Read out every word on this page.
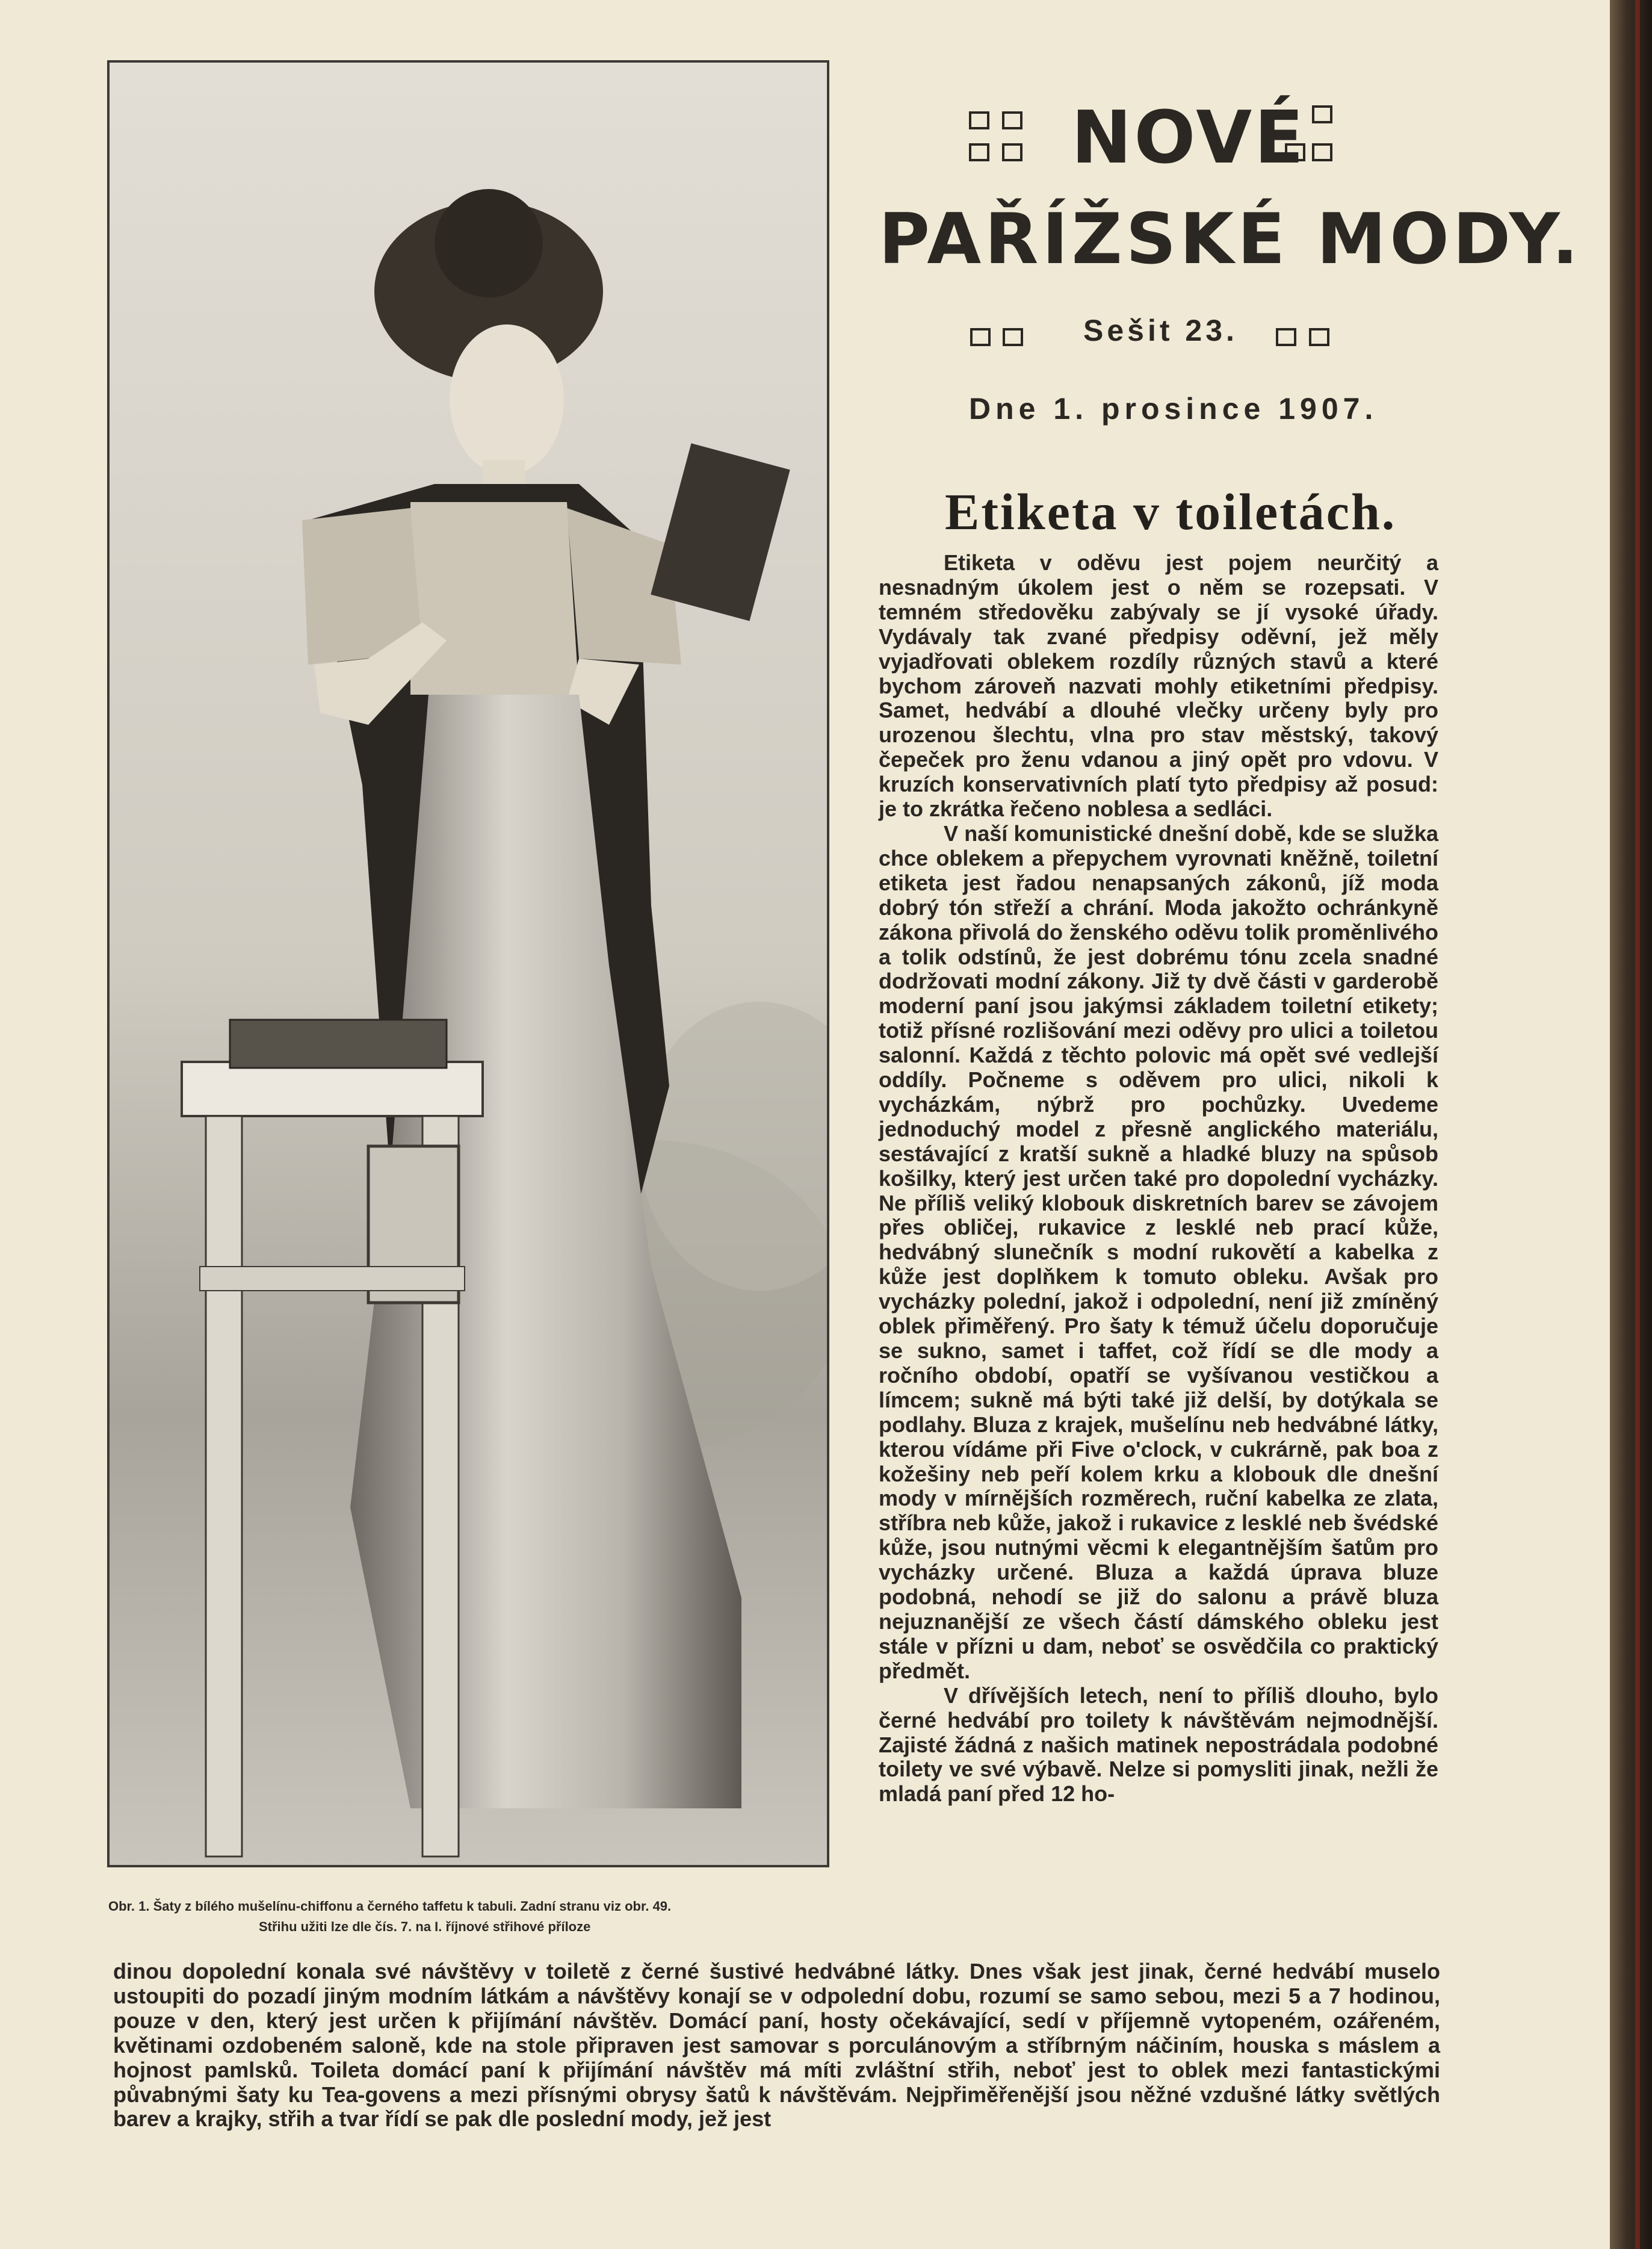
Obr. 1. Šaty z bílého mušelínu-chiffonu a černého taffetu k tabuli. Zadní stranu viz obr. 49.
Střihu užiti lze dle čís. 7. na I. říjnové střihové příloze
NOVÉ
PAŘÍŽSKÉ MODY.
Sešit 23.
Dne 1. prosince 1907.
Etiketa v toiletách.

Etiketa v oděvu jest pojem neurčitý a nesnadným úkolem jest o něm se rozepsati. V temném středověku zabývaly se jí vysoké úřady. Vydávaly tak zvané předpisy oděvní, jež měly vyjadřovati oblekem rozdíly různých stavů a které bychom zároveň nazvati mohly etiketními předpisy. Samet, hedvábí a dlouhé vlečky určeny byly pro urozenou šlechtu, vlna pro stav městský, takový čepeček pro ženu vdanou a jiný opět pro vdovu. V kruzích konservativních platí tyto předpisy až posud: je to zkrátka řečeno noblesa a sedláci.

V naší komunistické dnešní době, kde se služka chce oblekem a přepychem vyrovnati kněžně, toiletní etiketa jest řadou nenapsaných zákonů, jíž moda dobrý tón střeží a chrání. Moda jakožto ochránkyně zákona přivolá do ženského oděvu tolik proměnlivého a tolik odstínů, že jest dobrému tónu zcela snadné dodržovati modní zákony. Již ty dvě části v garderobě moderní paní jsou jakýmsi základem toiletní etikety; totiž přísné rozlišování mezi oděvy pro ulici a toiletou salonní. Každá z těchto polovic má opět své vedlejší oddíly. Počneme s oděvem pro ulici, nikoli k vycházkám, nýbrž pro pochůzky. Uvedeme jednoduchý model z přesně anglického materiálu, sestávající z kratší sukně a hladké bluzy na spůsob košilky, který jest určen také pro dopolední vycházky. Ne příliš veliký klobouk diskretních barev se závojem přes obličej, rukavice z lesklé neb prací kůže, hedvábný slunečník s modní rukovětí a kabelka z kůže jest doplňkem k tomuto obleku. Avšak pro vycházky polední, jakož i odpolední, není již zmíněný oblek přiměřený. Pro šaty k témuž účelu doporučuje se sukno, samet i taffet, což řídí se dle mody a ročního období, opatří se vyšívanou vestičkou a límcem; sukně má býti také již delší, by dotýkala se podlahy. Bluza z krajek, mušelínu neb hedvábné látky, kterou vídáme při Five o'clock, v cukrárně, pak boa z kožešiny neb peří kolem krku a klobouk dle dnešní mody v mírnějších rozměrech, ruční kabelka ze zlata, stříbra neb kůže, jakož i rukavice z lesklé neb švédské kůže, jsou nutnými věcmi k elegantnějším šatům pro vycházky určené. Bluza a každá úprava bluze podobná, nehodí se již do salonu a právě bluza nejuznanější ze všech částí dámského obleku jest stále v přízni u dam, neboť se osvědčila co praktický předmět.

V dřívějších letech, není to příliš dlouho, bylo černé hedvábí pro toilety k návštěvám nejmodnější. Zajisté žádná z našich matinek nepostrádala podobné toilety ve své výbavě. Nelze si pomysliti jinak, nežli že mladá paní před 12 ho-

dinou dopolední konala své návštěvy v toiletě z černé šustivé hedvábné látky. Dnes však jest jinak, černé hedvábí muselo ustoupiti do pozadí jiným modním látkám a návštěvy konají se v odpolední dobu, rozumí se samo sebou, mezi 5 a 7 hodinou, pouze v den, který jest určen k přijímání návštěv. Domácí paní, hosty očekávající, sedí v příjemně vytopeném, ozářeném, květinami ozdobeném saloně, kde na stole připraven jest samovar s porculánovým a stříbrným náčiním, houska s máslem a hojnost pamlsků. Toileta domácí paní k přijímání návštěv má míti zvláštní střih, neboť jest to oblek mezi fantastickými půvabnými šaty ku Tea-govens a mezi přísnými obrysy šatů k návštěvám. Nejpřiměřenější jsou něžné vzdušné látky světlých barev a krajky, střih a tvar řídí se pak dle poslední mody, jež jest
